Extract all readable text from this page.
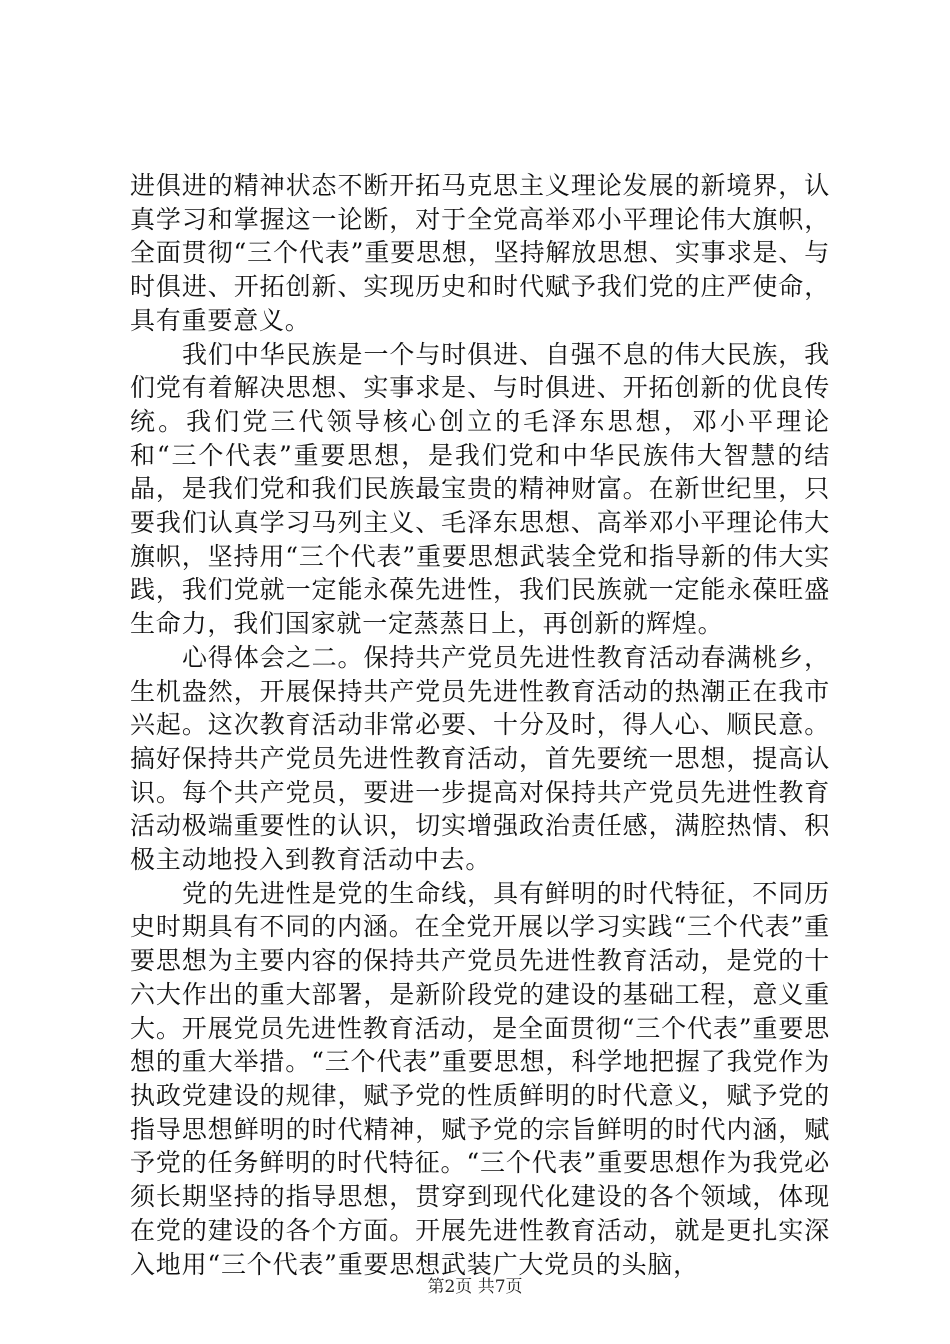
进俱进的精神状态不断开拓马克思主义理论发展的新境界，认真学习和掌握这一论断，对于全党高举邓小平理论伟大旗帜，全面贯彻“三个代表”重要思想，坚持解放思想、实事求是、与时俱进、开拓创新、实现历史和时代赋予我们党的庄严使命，具有重要意义。

我们中华民族是一个与时俱进、自强不息的伟大民族，我们党有着解决思想、实事求是、与时俱进、开拓创新的优良传统。我们党三代领导核心创立的毛泽东思想，邓小平理论和“三个代表”重要思想，是我们党和中华民族伟大智慧的结晶，是我们党和我们民族最宝贵的精神财富。在新世纪里，只要我们认真学习马列主义、毛泽东思想、高举邓小平理论伟大旗帜，坚持用“三个代表”重要思想武装全党和指导新的伟大实践，我们党就一定能永葆先进性，我们民族就一定能永葆旺盛生命力，我们国家就一定蒸蒸日上，再创新的辉煌。

心得体会之二。保持共产党员先进性教育活动春满桃乡，生机盎然，开展保持共产党员先进性教育活动的热潮正在我市兴起。这次教育活动非常必要、十分及时，得人心、顺民意。搞好保持共产党员先进性教育活动，首先要统一思想，提高认识。每个共产党员，要进一步提高对保持共产党员先进性教育活动极端重要性的认识，切实增强政治责任感，满腔热情、积极主动地投入到教育活动中去。

党的先进性是党的生命线，具有鲜明的时代特征，不同历史时期具有不同的内涵。在全党开展以学习实践“三个代表”重要思想为主要内容的保持共产党员先进性教育活动，是党的十六大作出的重大部署，是新阶段党的建设的基础工程，意义重大。开展党员先进性教育活动，是全面贯彻“三个代表”重要思想的重大举措。“三个代表”重要思想，科学地把握了我党作为执政党建设的规律，赋予党的性质鲜明的时代意义，赋予党的指导思想鲜明的时代精神，赋予党的宗旨鲜明的时代内涵，赋予党的任务鲜明的时代特征。“三个代表”重要思想作为我党必须长期坚持的指导思想，贯穿到现代化建设的各个领域，体现在党的建设的各个方面。开展先进性教育活动，就是更扎实深入地用“三个代表”重要思想武装广大党员的头脑，

第2页 共7页
